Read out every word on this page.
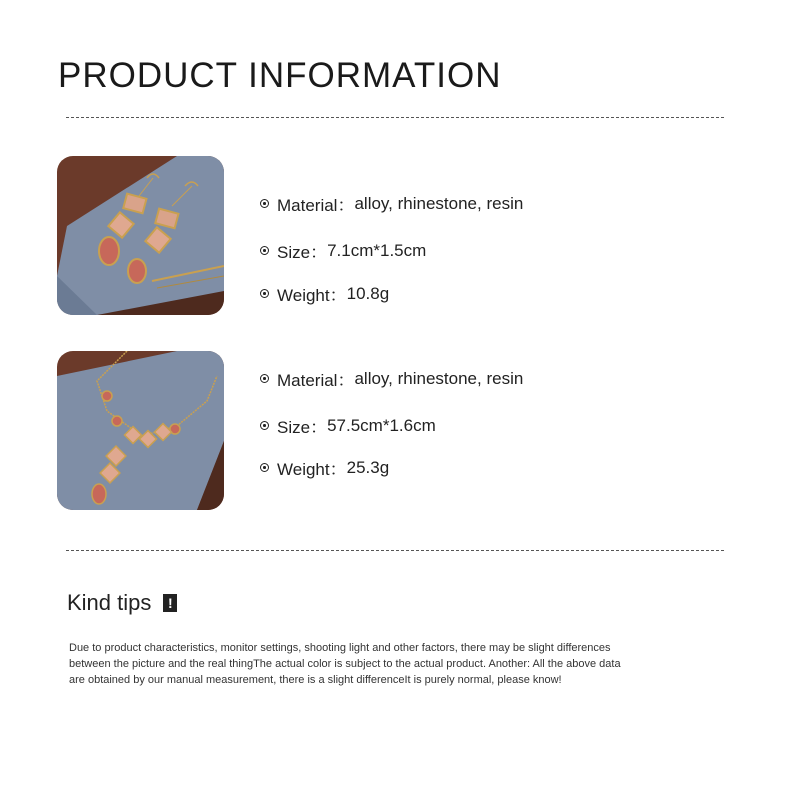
PRODUCT INFORMATION
Material： alloy, rhinestone, resin
Size： 7.1cm*1.5cm
Weight： 10.8g
Material： alloy, rhinestone, resin
Size： 57.5cm*1.6cm
Weight： 25.3g
Kind tips	!
Due to product characteristics, monitor settings, shooting light and other factors, there may be slight differences between the picture and the real thingThe actual color is subject to the actual product. Another: All the above data are obtained by our manual measurement, there is a slight differenceIt is purely normal, please know!
